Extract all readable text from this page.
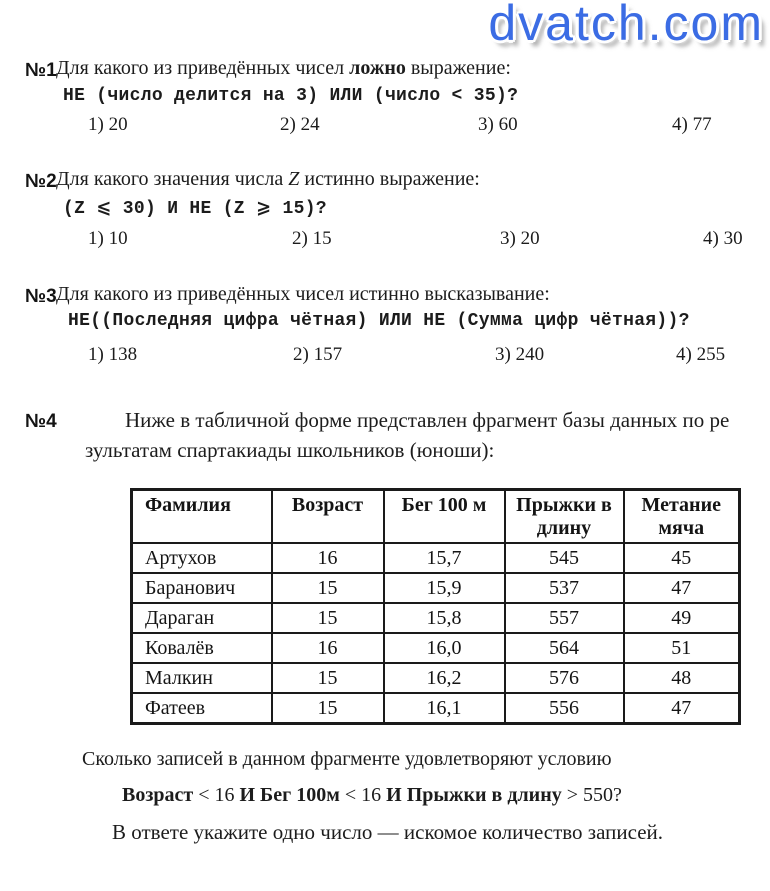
dvatch.com
№1 Для какого из приведённых чисел ложно выражение:
НЕ (число делится на 3) ИЛИ (число < 35)?
1) 20	2) 24	3) 60	4) 77
№2 Для какого значения числа Z истинно выражение:
(Z ⩽ 30) И НЕ (Z ⩾ 15)?
1) 10	2) 15	3) 20	4) 30
№3 Для какого из приведённых чисел истинно высказывание:
НЕ((Последняя цифра чётная) ИЛИ НЕ (Сумма цифр чётная))?
1) 138	2) 157	3) 240	4) 255
№4	Ниже в табличной форме представлен фрагмент базы данных по ре
зультатам спартакиады школьников (юноши):
Фамилия	Возраст	Бег 100 м	Прыжки в длину	Метание мяча
Артухов	16	15,7	545	45
Баранович	15	15,9	537	47
Дараган	15	15,8	557	49
Ковалёв	16	16,0	564	51
Малкин	15	16,2	576	48
Фатеев	15	16,1	556	47
Сколько записей в данном фрагменте удовлетворяют условию
Возраст < 16 И Бег 100м < 16 И Прыжки в длину > 550?
В ответе укажите одно число — искомое количество записей.
